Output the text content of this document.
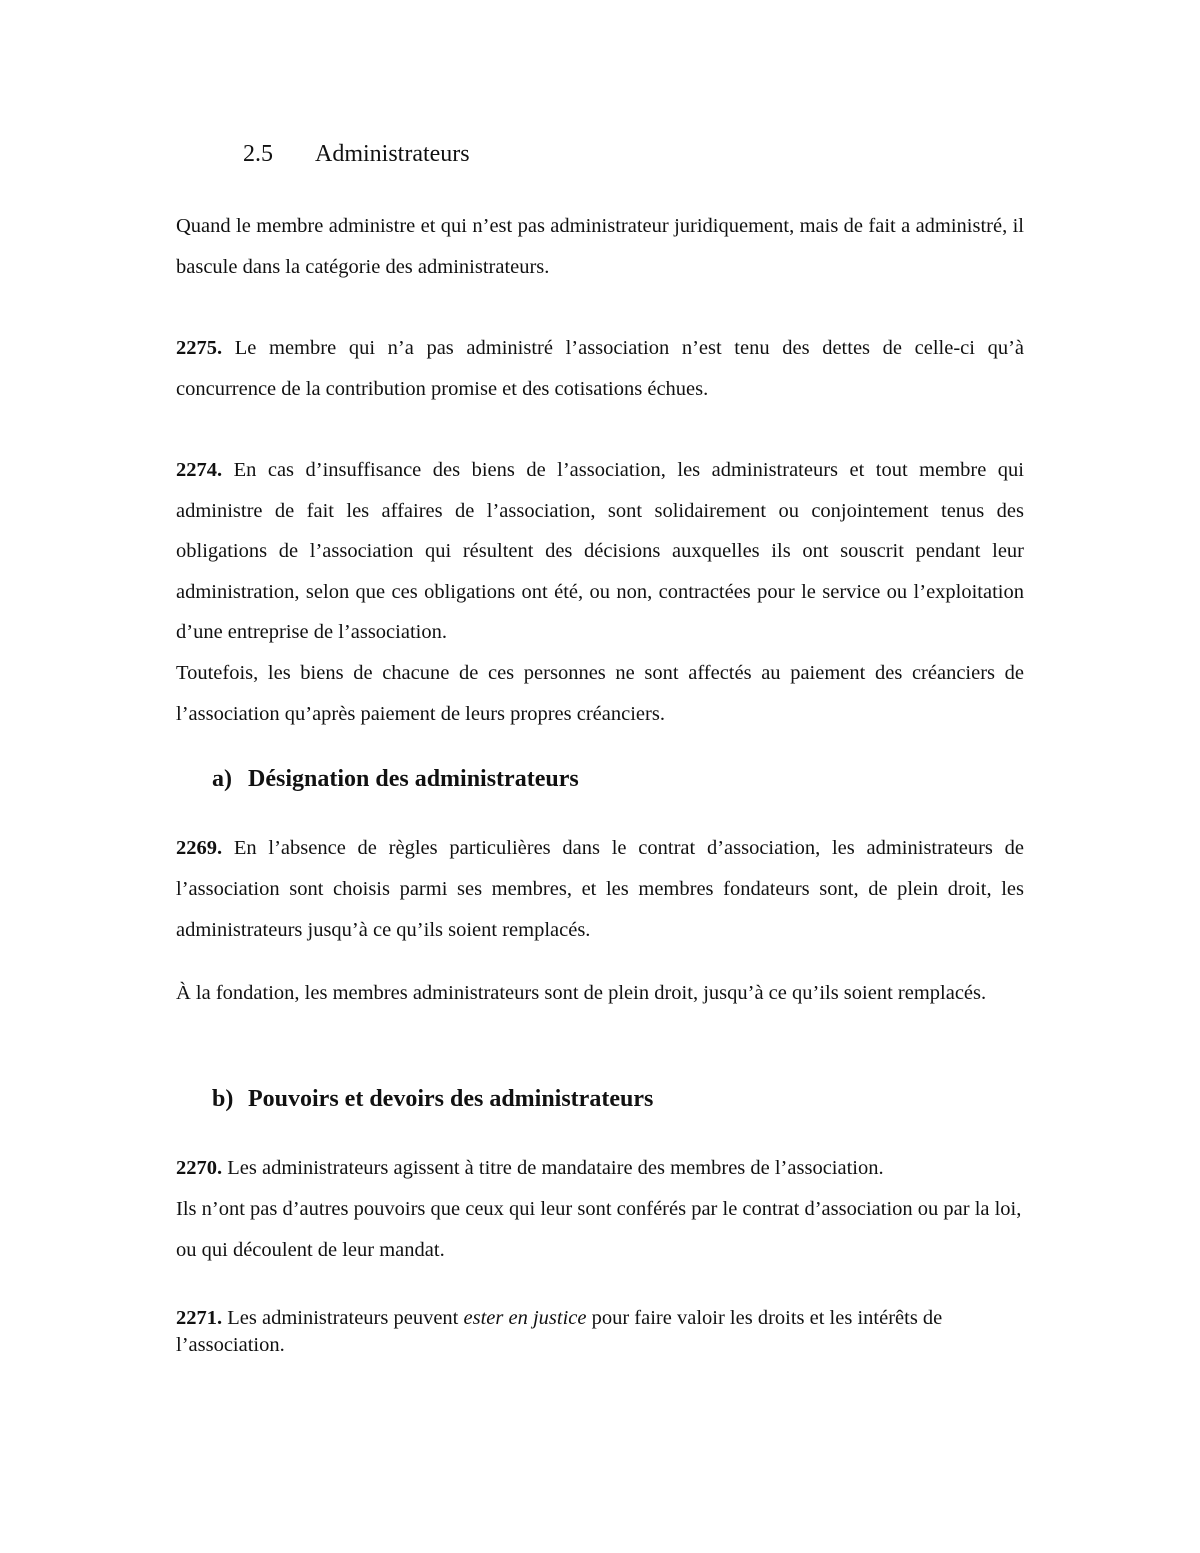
2.5 Administrateurs

Quand le membre administre et qui n’est pas administrateur juridiquement, mais de fait a administré, il bascule dans la catégorie des administrateurs.

2275. Le membre qui n’a pas administré l’association n’est tenu des dettes de celle-ci qu’à concurrence de la contribution promise et des cotisations échues.

2274. En cas d’insuffisance des biens de l’association, les administrateurs et tout membre qui administre de fait les affaires de l’association, sont solidairement ou conjointement tenus des obligations de l’association qui résultent des décisions auxquelles ils ont souscrit pendant leur administration, selon que ces obligations ont été, ou non, contractées pour le service ou l’exploitation d’une entreprise de l’association.

Toutefois, les biens de chacune de ces personnes ne sont affectés au paiement des créanciers de l’association qu’après paiement de leurs propres créanciers.

a) Désignation des administrateurs

2269. En l’absence de règles particulières dans le contrat d’association, les administrateurs de l’association sont choisis parmi ses membres, et les membres fondateurs sont, de plein droit, les administrateurs jusqu’à ce qu’ils soient remplacés.

À la fondation, les membres administrateurs sont de plein droit, jusqu’à ce qu’ils soient remplacés.

b) Pouvoirs et devoirs des administrateurs

2270. Les administrateurs agissent à titre de mandataire des membres de l’association.

Ils n’ont pas d’autres pouvoirs que ceux qui leur sont conférés par le contrat d’association ou par la loi, ou qui découlent de leur mandat.

2271. Les administrateurs peuvent ester en justice pour faire valoir les droits et les intérêts de l’association.
